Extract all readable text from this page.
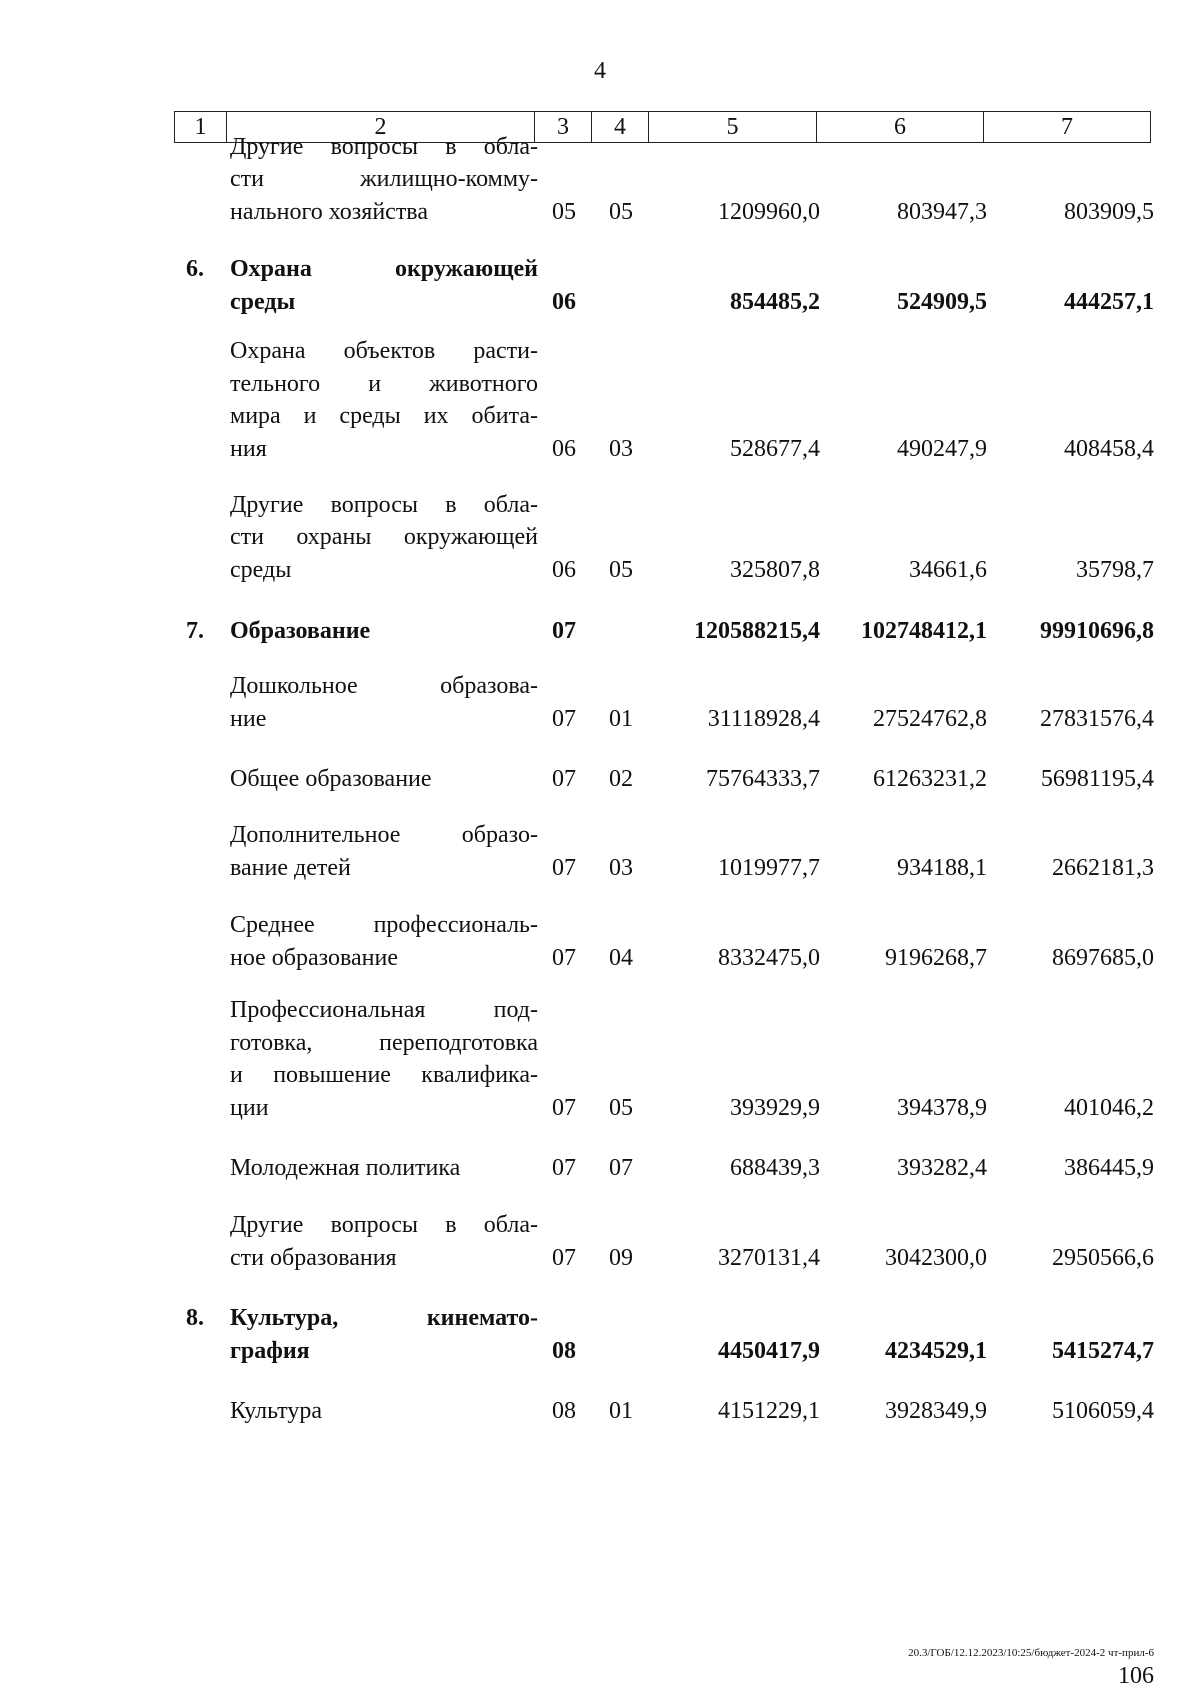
4
1	2	3	4	5	6	7
Другие вопросы в обла-
сти жилищно-комму-
нального хозяйства	05 05	1209960,0	803947,3	803909,5
6.	Охрана окружающей
среды	06	854485,2	524909,5	444257,1
Охрана объектов расти-
тельного и животного
мира и среды их обита-
ния	06 03	528677,4	490247,9	408458,4
Другие вопросы в обла-
сти охраны окружающей
среды	06 05	325807,8	34661,6	35798,7
7.	Образование	07	120588215,4 102748412,1 99910696,8
Дошкольное образова-
ние	07 01	31118928,4 27524762,8 27831576,4
Общее образование	07 02	75764333,7 61263231,2 56981195,4
Дополнительное образо-
вание детей	07 03	1019977,7	934188,1	2662181,3
Среднее профессиональ-
ное образование	07 04	8332475,0	9196268,7	8697685,0
Профессиональная под-
готовка, переподготовка
и повышение квалифика-
ции	07 05	393929,9	394378,9	401046,2
Молодежная политика	07 07	688439,3	393282,4	386445,9
Другие вопросы в обла-
сти образования	07 09	3270131,4	3042300,0	2950566,6
8.	Культура, кинемато-
графия	08	4450417,9	4234529,1	5415274,7
Культура	08 01	4151229,1	3928349,9	5106059,4
20.3/ГОБ/12.12.2023/10:25/бюджет-2024-2 чт-прил-6
106
